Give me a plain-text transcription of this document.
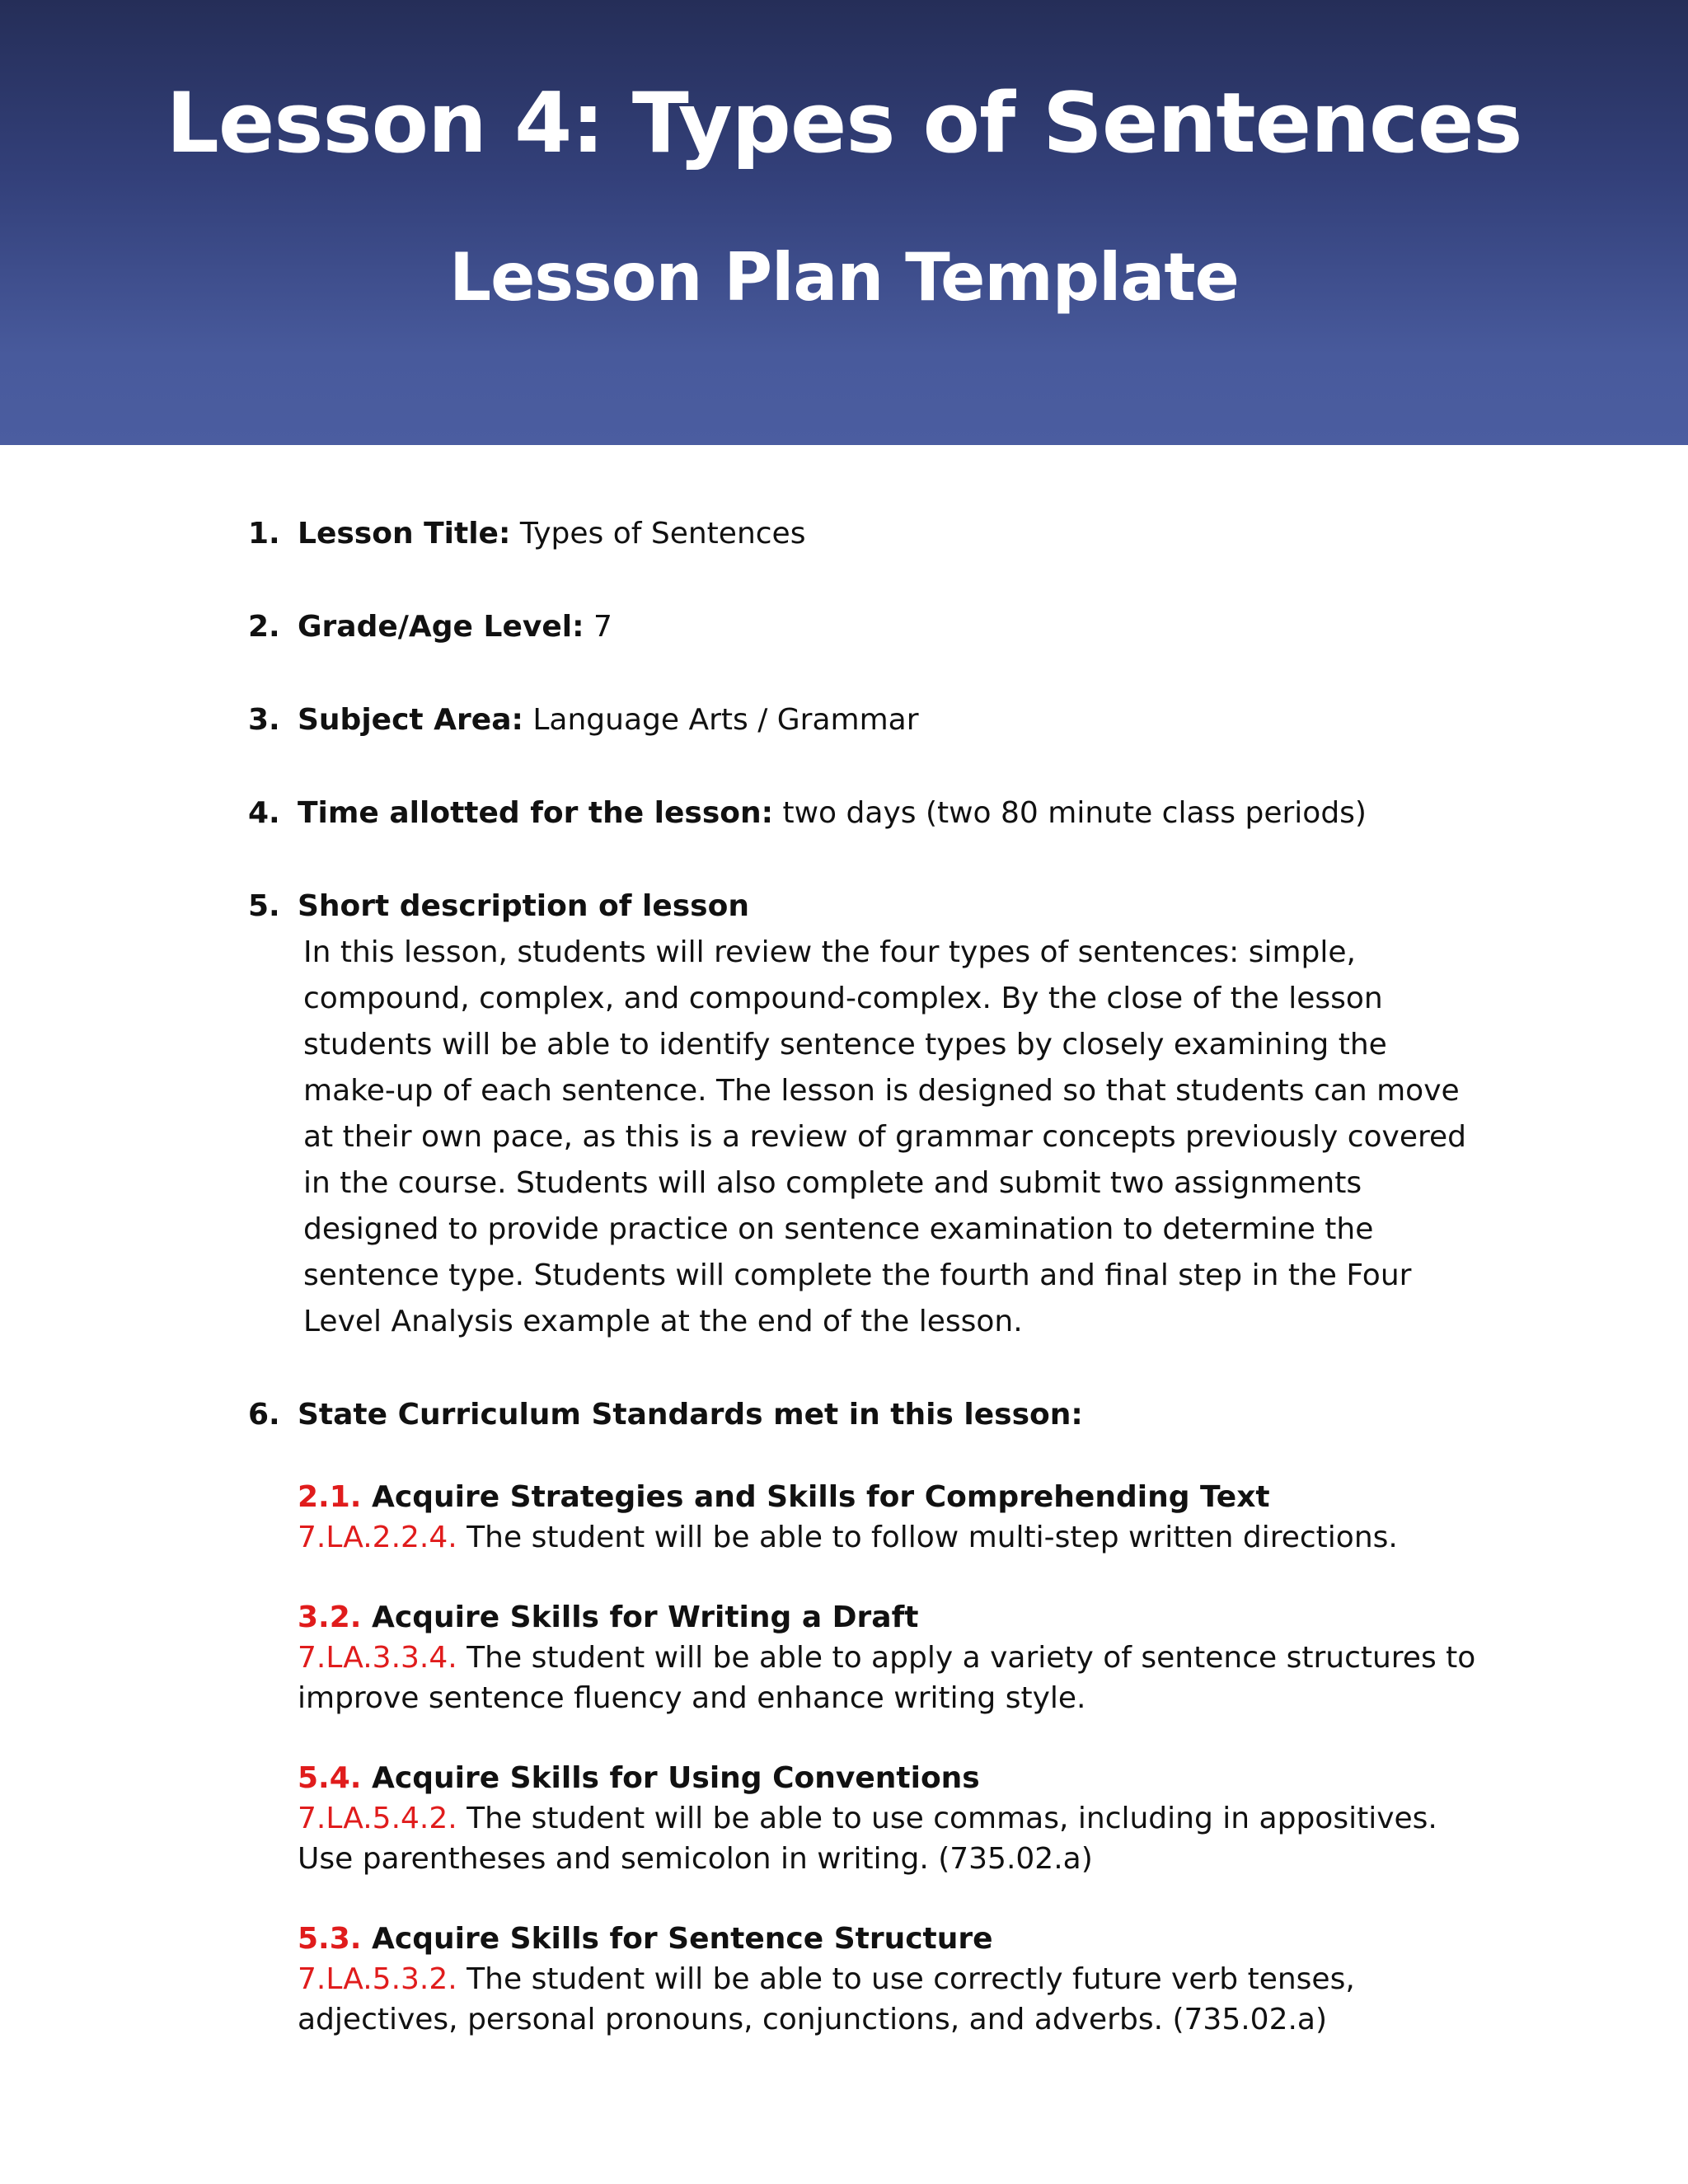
Lesson 4: Types of Sentences
Lesson Plan Template
1. Lesson Title: Types of Sentences
2. Grade/Age Level: 7
3. Subject Area: Language Arts / Grammar
4. Time allotted for the lesson: two days (two 80 minute class periods)
5. Short description of lesson
In this lesson, students will review the four types of sentences: simple, compound, complex, and compound-complex. By the close of the lesson students will be able to identify sentence types by closely examining the make-up of each sentence. The lesson is designed so that students can move at their own pace, as this is a review of grammar concepts previously covered in the course. Students will also complete and submit two assignments designed to provide practice on sentence examination to determine the sentence type. Students will complete the fourth and final step in the Four Level Analysis example at the end of the lesson.
6. State Curriculum Standards met in this lesson:
2.1. Acquire Strategies and Skills for Comprehending Text
7.LA.2.2.4. The student will be able to follow multi-step written directions.
3.2. Acquire Skills for Writing a Draft
7.LA.3.3.4. The student will be able to apply a variety of sentence structures to improve sentence fluency and enhance writing style.
5.4. Acquire Skills for Using Conventions
7.LA.5.4.2. The student will be able to use commas, including in appositives. Use parentheses and semicolon in writing. (735.02.a)
5.3. Acquire Skills for Sentence Structure
7.LA.5.3.2. The student will be able to use correctly future verb tenses, adjectives, personal pronouns, conjunctions, and adverbs. (735.02.a)
